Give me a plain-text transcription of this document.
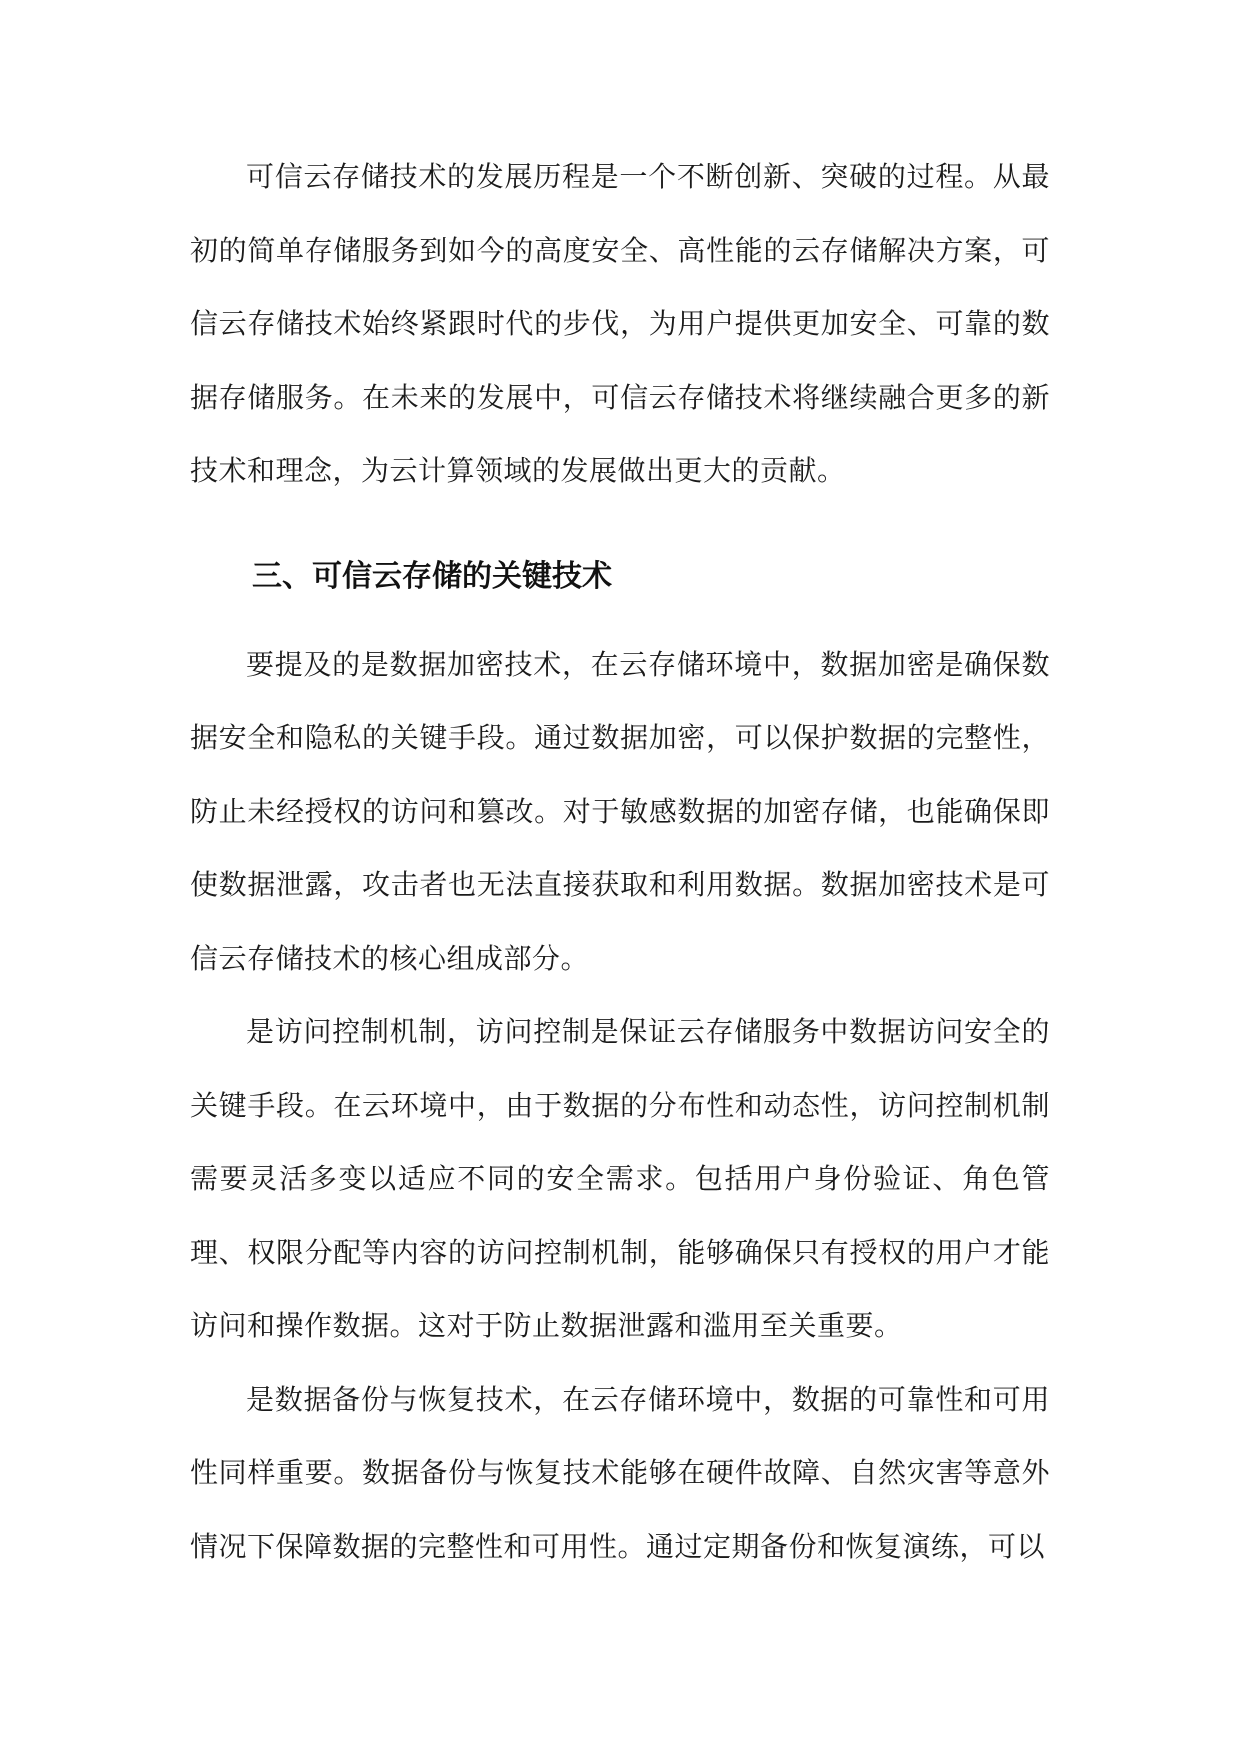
可信云存储技术的发展历程是一个不断创新、突破的过程。从最初的简单存储服务到如今的高度安全、高性能的云存储解决方案，可信云存储技术始终紧跟时代的步伐，为用户提供更加安全、可靠的数据存储服务。在未来的发展中，可信云存储技术将继续融合更多的新技术和理念，为云计算领域的发展做出更大的贡献。

三、可信云存储的关键技术

要提及的是数据加密技术，在云存储环境中，数据加密是确保数据安全和隐私的关键手段。通过数据加密，可以保护数据的完整性，防止未经授权的访问和篡改。对于敏感数据的加密存储，也能确保即使数据泄露，攻击者也无法直接获取和利用数据。数据加密技术是可信云存储技术的核心组成部分。

是访问控制机制，访问控制是保证云存储服务中数据访问安全的关键手段。在云环境中，由于数据的分布性和动态性，访问控制机制需要灵活多变以适应不同的安全需求。包括用户身份验证、角色管理、权限分配等内容的访问控制机制，能够确保只有授权的用户才能访问和操作数据。这对于防止数据泄露和滥用至关重要。

是数据备份与恢复技术，在云存储环境中，数据的可靠性和可用性同样重要。数据备份与恢复技术能够在硬件故障、自然灾害等意外情况下保障数据的完整性和可用性。通过定期备份和恢复演练，可以
